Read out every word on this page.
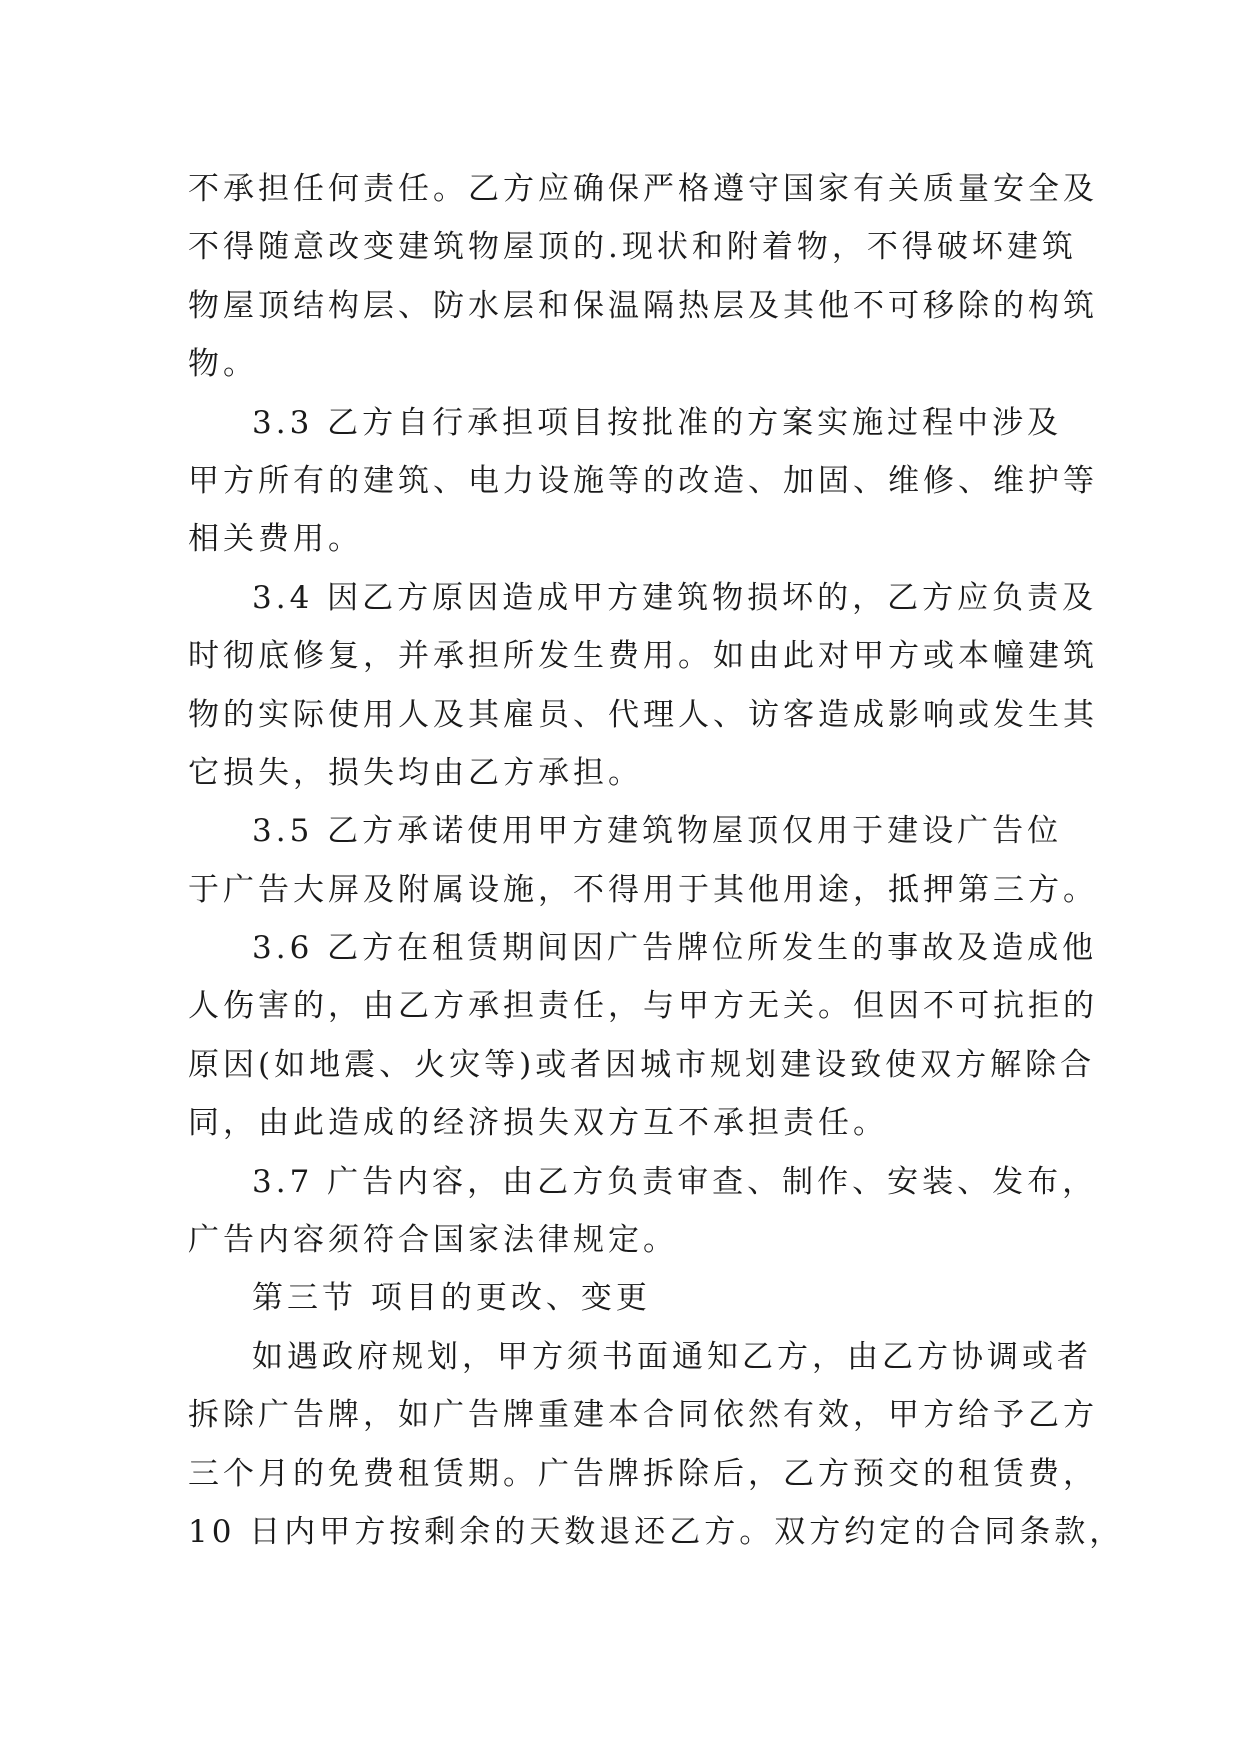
不承担任何责任。乙方应确保严格遵守国家有关质量安全及
不得随意改变建筑物屋顶的.现状和附着物，不得破坏建筑
物屋顶结构层、防水层和保温隔热层及其他不可移除的构筑
物。
3.3 乙方自行承担项目按批准的方案实施过程中涉及
甲方所有的建筑、电力设施等的改造、加固、维修、维护等
相关费用。
3.4 因乙方原因造成甲方建筑物损坏的，乙方应负责及
时彻底修复，并承担所发生费用。如由此对甲方或本幢建筑
物的实际使用人及其雇员、代理人、访客造成影响或发生其
它损失，损失均由乙方承担。
3.5 乙方承诺使用甲方建筑物屋顶仅用于建设广告位
于广告大屏及附属设施，不得用于其他用途，抵押第三方。
3.6 乙方在租赁期间因广告牌位所发生的事故及造成他
人伤害的，由乙方承担责任，与甲方无关。但因不可抗拒的
原因(如地震、火灾等)或者因城市规划建设致使双方解除合
同，由此造成的经济损失双方互不承担责任。
3.7 广告内容，由乙方负责审查、制作、安装、发布，
广告内容须符合国家法律规定。
第三节 项目的更改、变更
如遇政府规划，甲方须书面通知乙方，由乙方协调或者
拆除广告牌，如广告牌重建本合同依然有效，甲方给予乙方
三个月的免费租赁期。广告牌拆除后，乙方预交的租赁费，
10 日内甲方按剩余的天数退还乙方。双方约定的合同条款，
